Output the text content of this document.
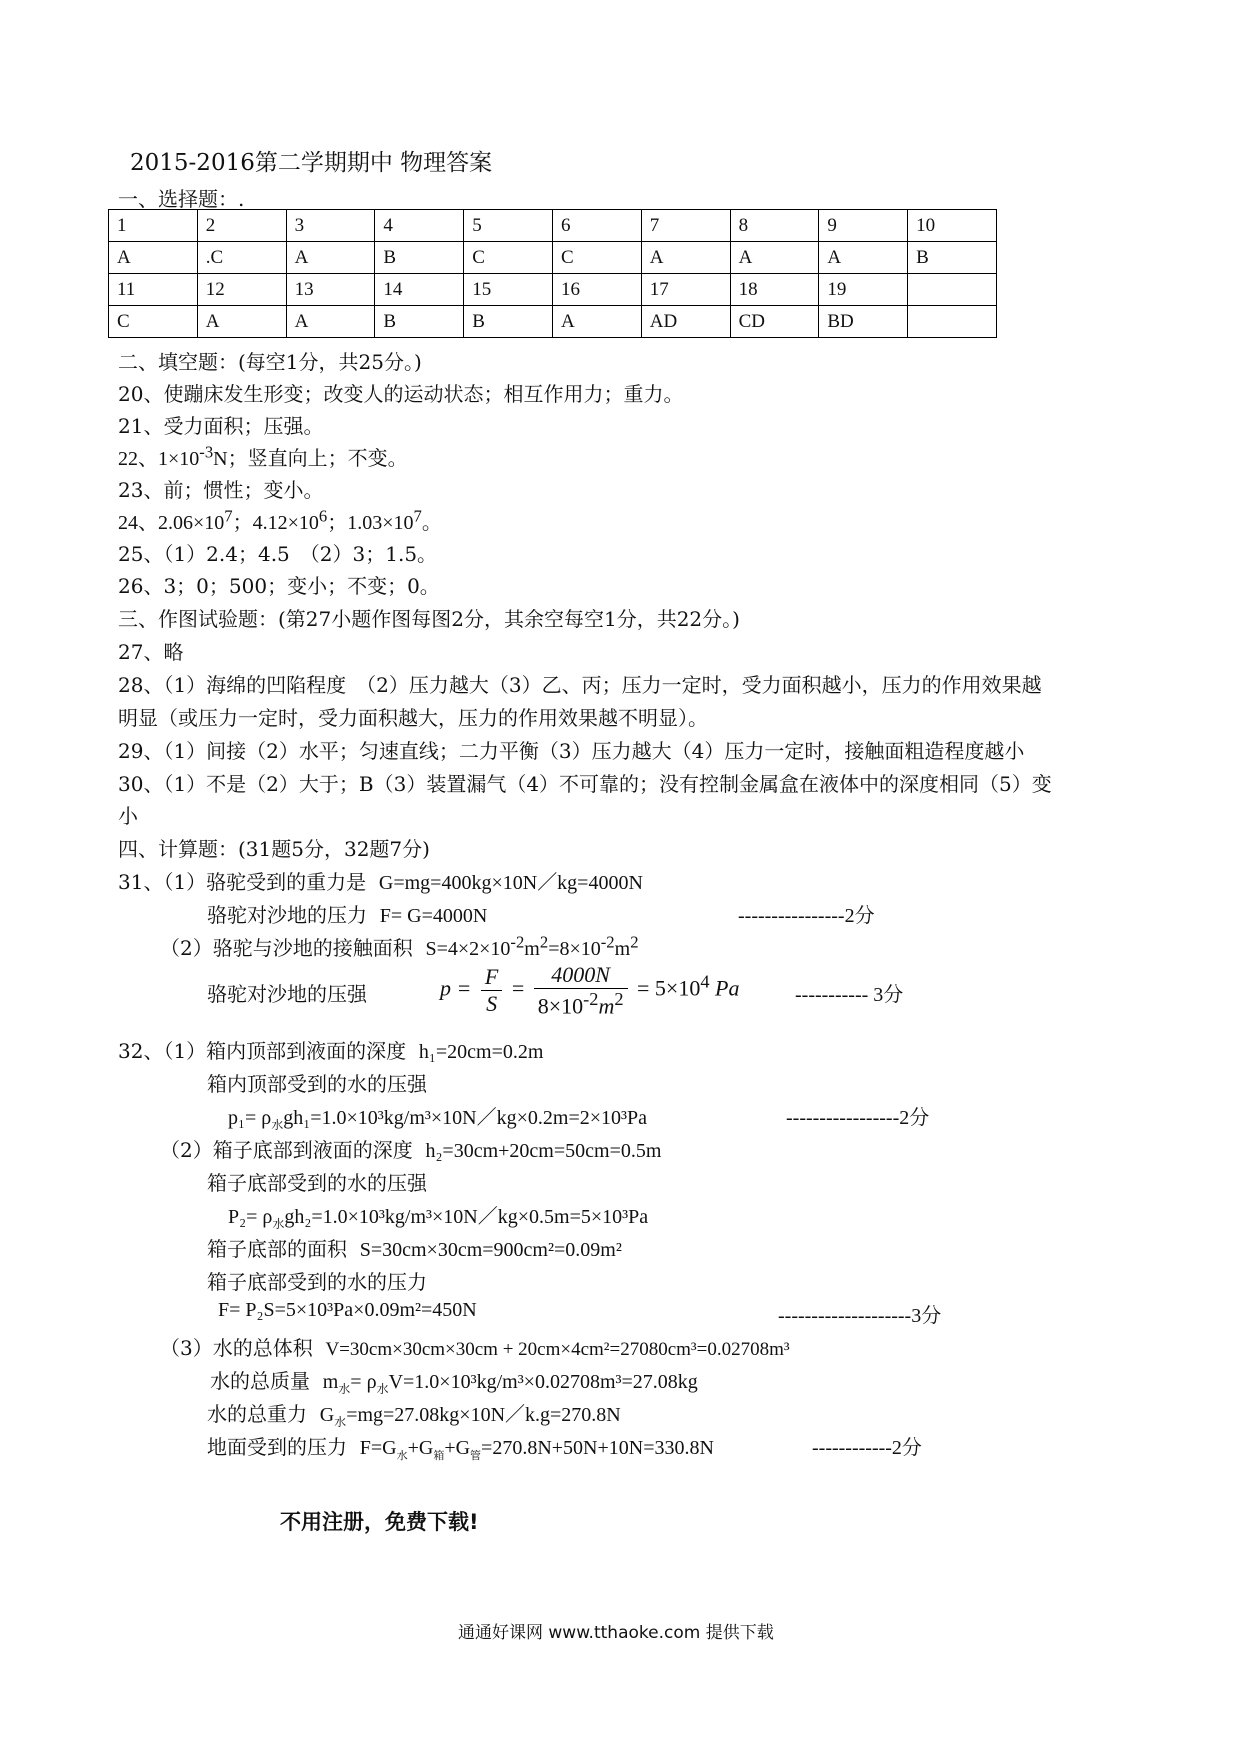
2015-2016第二学期期中 物理答案
一、选择题：.
1	2	3	4	5	6	7	8	9	10
A	.C	A	B	C	C	A	A	A	B
11	12	13	14	15	16	17	18	19	
C	A	A	B	B	A	AD	CD	BD	
二、填空题：(每空1分，共25分。)
20、使蹦床发生形变；改变人的运动状态；相互作用力；重力。
21、受力面积；压强。
22、$1\times 10^{-3}N$；竖直向上；不变。
23、前；惯性；变小。
24、$2.06\times 10^7$；$4.12\times 10^6$；$1.03\times 10^7$。
25、（1）2.4；4.5　（2）3；1.5。
26、3；0；500；变小；不变；0。
三、作图试验题：(第27小题作图每图2分，其余空每空1分，共22分。)
27、略
28、（1）海绵的凹陷程度　（2）压力越大（3）乙、丙；压力一定时，受力面积越小，压力的作用效果越
明显（或压力一定时，受力面积越大，压力的作用效果越不明显）。
29、（1）间接（2）水平；匀速直线；二力平衡（3）压力越大（4）压力一定时，接触面粗造程度越小
30、（1）不是（2）大于；B（3）装置漏气（4）不可靠的；没有控制金属盒在液体中的深度相同（5）变
小
四、计算题：(31题5分，32题7分)
31、（1）骆驼受到的重力是 G=mg=400kg×10N／kg=4000N
骆驼对沙地的压力 F= G=4000N	----------------2分
（2）骆驼与沙地的接触面积 $S=4\times 2\times 10^{-2}m^2=8\times 10^{-2}m^2$
骆驼对沙地的压强	$p = \frac{F}{S} = \frac{4000N}{8\times 10^{-2}m^2} = 5\times 10^4$ Pa	----------- 3分
32、（1）箱内顶部到液面的深度 h₁=20cm=0.2m
箱内顶部受到的水的压强
$p_1= \rho_水gh_1=1.0\times 10^3kg/m^3\times 10N/kg\times 0.2m=2\times 10^3Pa$	-----------------2分
（2）箱子底部到液面的深度 h₂=30cm+20cm=50cm=0.5m
箱子底部受到的水的压强
$P_2= \rho_水gh_2=1.0\times 10^3kg/m^3\times 10N/kg\times 0.5m=5\times 10^3Pa$
箱子底部的面积 S=30cm×30cm=900cm²=0.09m²
箱子底部受到的水的压力
F= P₂S=5×10³Pa×0.09m²=450N	--------------------3分
（3）水的总体积 V=30cm×30cm×30cm + 20cm×4cm²=27080cm³=0.02708m³
水的总质量 $m_水= \rho_水V=1.0\times 10^3kg/m^3\times 0.02708m^3=27.08kg$
水的总重力 $G_水=mg=27.08kg\times 10N/k.g=270.8N$
地面受到的压力 $F=G_水+G_箱+G_管=270.8N+50N+10N=330.8N$	------------2分
不用注册，免费下载!
通通好课网 www.tthaoke.com 提供下载
